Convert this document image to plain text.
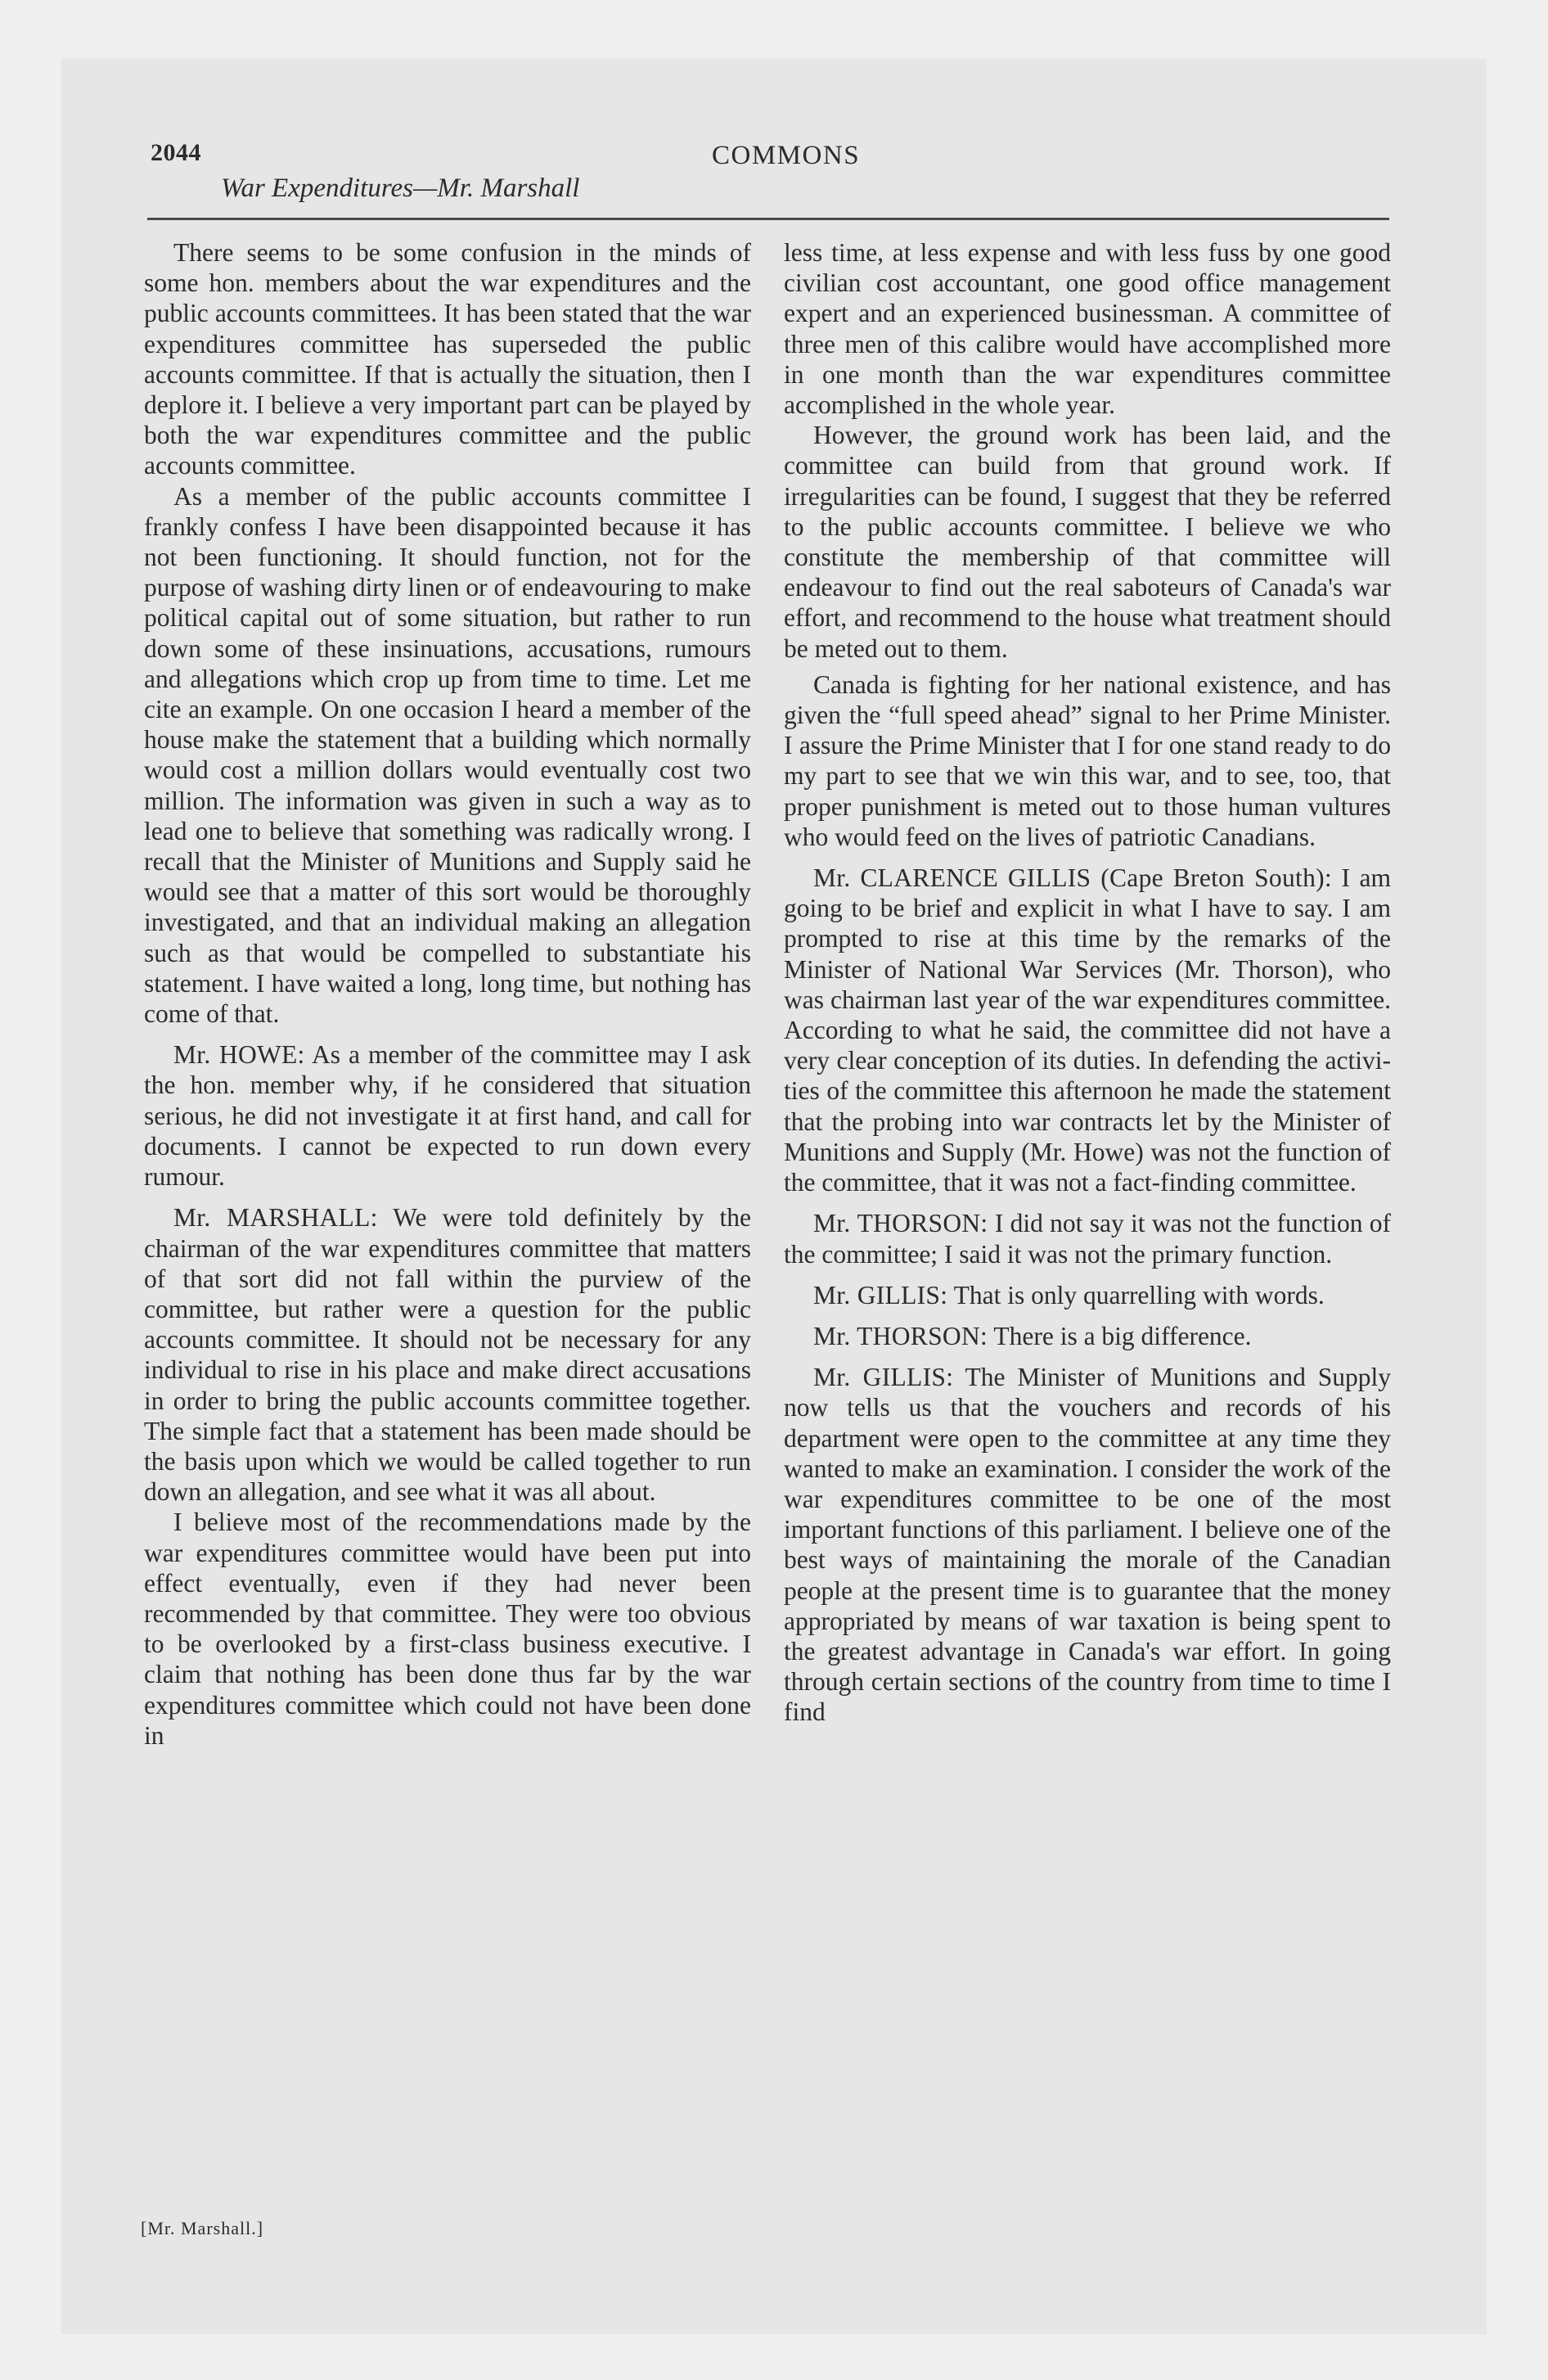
2044
War Expenditures—Mr. Marshall
COMMONS

There seems to be some confusion in the minds of some hon. members about the war expenditures and the public accounts committees. It has been stated that the war expenditures committee has superseded the public accounts committee. If that is actually the situation, then I deplore it. I believe a very important part can be played by both the war expenditures committee and the public accounts committee.

As a member of the public accounts committee I frankly confess I have been disappointed because it has not been functioning. It should function, not for the purpose of washing dirty linen or of endeavouring to make political capital out of some situation, but rather to run down some of these insinuations, accusations, rumours and allegations which crop up from time to time. Let me cite an example. On one occasion I heard a member of the house make the statement that a building which normally would cost a million dollars would eventually cost two million. The information was given in such a way as to lead one to believe that something was radically wrong. I recall that the Minister of Munitions and Supply said he would see that a matter of this sort would be thoroughly investigated, and that an individual making an allegation such as that would be compelled to substantiate his statement. I have waited a long, long time, but nothing has come of that.

Mr. HOWE: As a member of the committee may I ask the hon. member why, if he considered that situation serious, he did not investigate it at first hand, and call for documents. I cannot be expected to run down every rumour.

Mr. MARSHALL: We were told definitely by the chairman of the war expenditures committee that matters of that sort did not fall within the purview of the committee, but rather were a question for the public accounts committee. It should not be necessary for any individual to rise in his place and make direct accusations in order to bring the public accounts committee together. The simple fact that a statement has been made should be the basis upon which we would be called together to run down an allegation, and see what it was all about.

I believe most of the recommendations made by the war expenditures committee would have been put into effect eventually, even if they had never been recommended by that committee. They were too obvious to be overlooked by a first-class business executive. I claim that nothing has been done thus far by the war expenditures committee which could not have been done in

less time, at less expense and with less fuss by one good civilian cost accountant, one good office management expert and an experienced businessman. A committee of three men of this calibre would have accomplished more in one month than the war expenditures committee accomplished in the whole year.

However, the ground work has been laid, and the committee can build from that ground work. If irregularities can be found, I suggest that they be referred to the public accounts committee. I believe we who constitute the membership of that committee will endeavour to find out the real saboteurs of Canada's war effort, and recommend to the house what treatment should be meted out to them.

Canada is fighting for her national existence, and has given the “full speed ahead” signal to her Prime Minister. I assure the Prime Minister that I for one stand ready to do my part to see that we win this war, and to see, too, that proper punishment is meted out to those human vultures who would feed on the lives of patriotic Canadians.

Mr. CLARENCE GILLIS (Cape Breton South): I am going to be brief and explicit in what I have to say. I am prompted to rise at this time by the remarks of the Minister of National War Services (Mr. Thorson), who was chairman last year of the war expenditures committee. According to what he said, the committee did not have a very clear conception of its duties. In defending the activities of the committee this afternoon he made the statement that the probing into war contracts let by the Minister of Munitions and Supply (Mr. Howe) was not the function of the committee, that it was not a fact-finding committee.

Mr. THORSON: I did not say it was not the function of the committee; I said it was not the primary function.

Mr. GILLIS: That is only quarrelling with words.

Mr. THORSON: There is a big difference.

Mr. GILLIS: The Minister of Munitions and Supply now tells us that the vouchers and records of his department were open to the committee at any time they wanted to make an examination. I consider the work of the war expenditures committee to be one of the most important functions of this parliament. I believe one of the best ways of maintaining the morale of the Canadian people at the present time is to guarantee that the money appropriated by means of war taxation is being spent to the greatest advantage in Canada's war effort. In going through certain sections of the country from time to time I find

[Mr. Marshall.]
